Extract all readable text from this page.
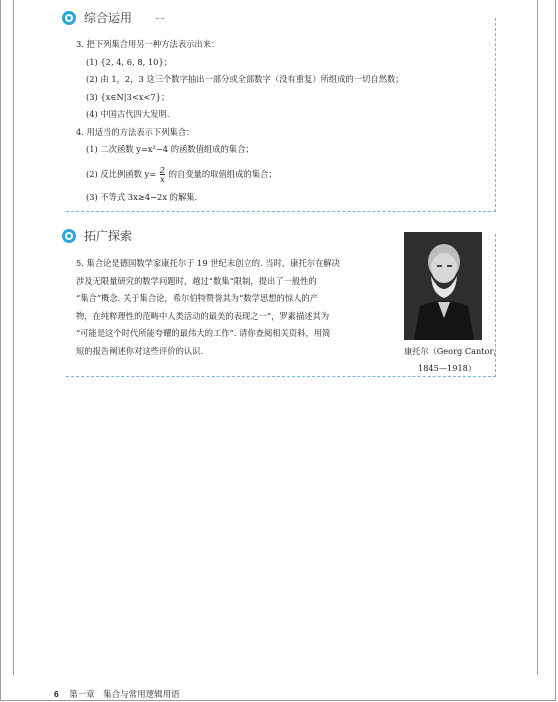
综合运用
3. 把下列集合用另一种方法表示出来：
(1) {2, 4, 6, 8, 10}；
(2) 由 1，2，3 这三个数字抽出一部分或全部数字（没有重复）所组成的一切自然数；
(3) {x∈N|3<x<7}；
(4) 中国古代四大发明.
4. 用适当的方法表示下列集合：
(1) 二次函数 y=x²−4 的函数值组成的集合；
(2) 反比例函数 $y= \frac{2}{x}$ 的自变量的取值组成的集合；
(3) 不等式 3x≥4−2x 的解集.
拓广探索
5. 集合论是德国数学家康托尔于 19 世纪末创立的. 当时，康托尔在解决
涉及无限量研究的数学问题时，越过“数集”限制，提出了一般性的
“集合”概念. 关于集合论，希尔伯特赞誉其为“数学思想的惊人的产
物，在纯粹理性的范畴中人类活动的最美的表现之一”，罗素描述其为
“可能是这个时代所能夸耀的最伟大的工作”. 请你查阅相关资料，用简
短的报告阐述你对这些评价的认识.	康托尔（Georg Cantor，
1845—1918）
6 第一章　集合与常用逻辑用语
